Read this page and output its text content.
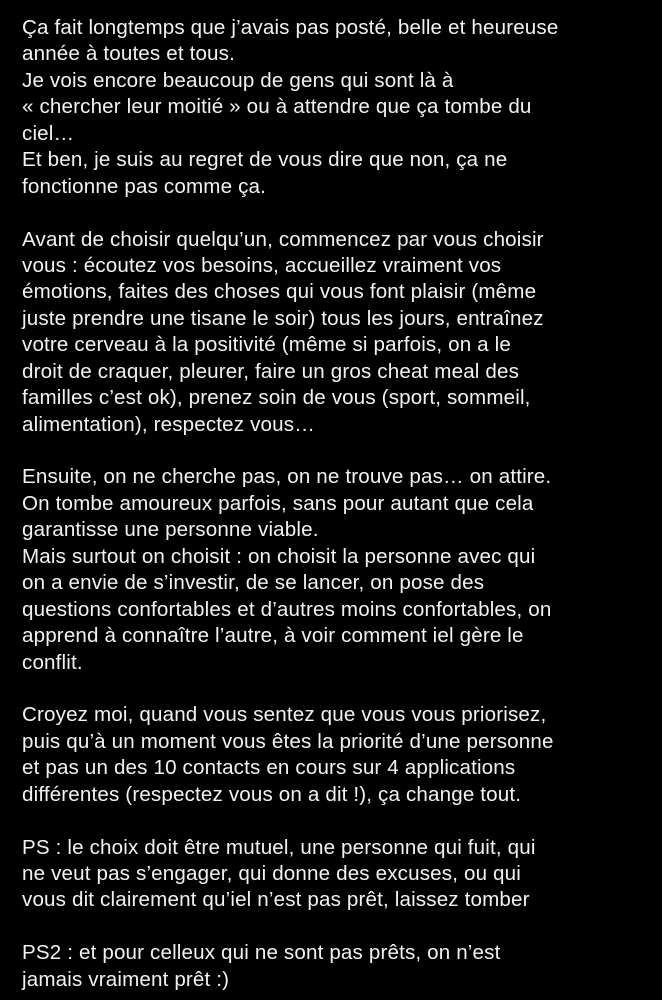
Ça fait longtemps que j’avais pas posté, belle et heureuse
année à toutes et tous.
Je vois encore beaucoup de gens qui sont là à
« chercher leur moitié » ou à attendre que ça tombe du
ciel…
Et ben, je suis au regret de vous dire que non, ça ne
fonctionne pas comme ça.
Avant de choisir quelqu’un, commencez par vous choisir
vous : écoutez vos besoins, accueillez vraiment vos
émotions, faites des choses qui vous font plaisir (même
juste prendre une tisane le soir) tous les jours, entraînez
votre cerveau à la positivité (même si parfois, on a le
droit de craquer, pleurer, faire un gros cheat meal des
familles c’est ok), prenez soin de vous (sport, sommeil,
alimentation), respectez vous…
Ensuite, on ne cherche pas, on ne trouve pas… on attire.
On tombe amoureux parfois, sans pour autant que cela
garantisse une personne viable.
Mais surtout on choisit : on choisit la personne avec qui
on a envie de s’investir, de se lancer, on pose des
questions confortables et d’autres moins confortables, on
apprend à connaître l’autre, à voir comment iel gère le
conflit.
Croyez moi, quand vous sentez que vous vous priorisez,
puis qu’à un moment vous êtes la priorité d’une personne
et pas un des 10 contacts en cours sur 4 applications
différentes (respectez vous on a dit !), ça change tout.
PS : le choix doit être mutuel, une personne qui fuit, qui
ne veut pas s’engager, qui donne des excuses, ou qui
vous dit clairement qu’iel n’est pas prêt, laissez tomber
PS2 : et pour celleux qui ne sont pas prêts, on n’est
jamais vraiment prêt :)
